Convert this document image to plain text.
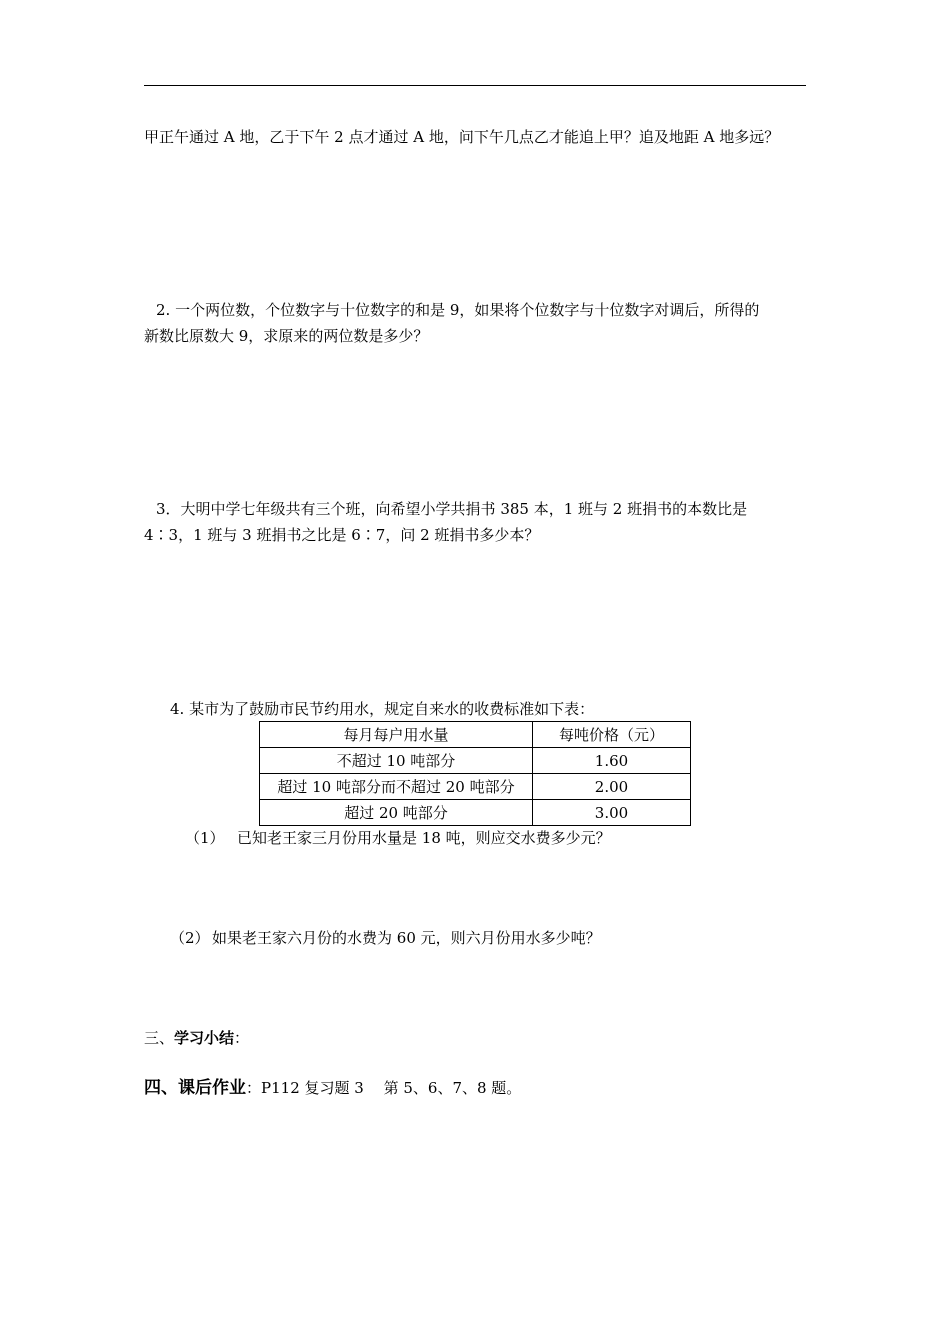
甲正午通过 A 地，乙于下午 2 点才通过 A 地，问下午几点乙才能追上甲？追及地距 A 地多远？
2. 一个两位数，个位数字与十位数字的和是 9，如果将个位数字与十位数字对调后，所得的
新数比原数大 9，求原来的两位数是多少？
3．大明中学七年级共有三个班，向希望小学共捐书 385 本，1 班与 2 班捐书的本数比是
4∶3，1 班与 3 班捐书之比是 6∶7，问 2 班捐书多少本？
4. 某市为了鼓励市民节约用水，规定自来水的收费标准如下表：
每月每户用水量	每吨价格（元）
不超过 10 吨部分	1.60
超过 10 吨部分而不超过 20 吨部分	2.00
超过 20 吨部分	3.00
（1） 已知老王家三月份用水量是 18 吨，则应交水费多少元？
（2） 如果老王家六月份的水费为 60 元，则六月份用水多少吨？
三、学习小结：
四、课后作业：P112 复习题 3　 第 5、6、7、8 题。
